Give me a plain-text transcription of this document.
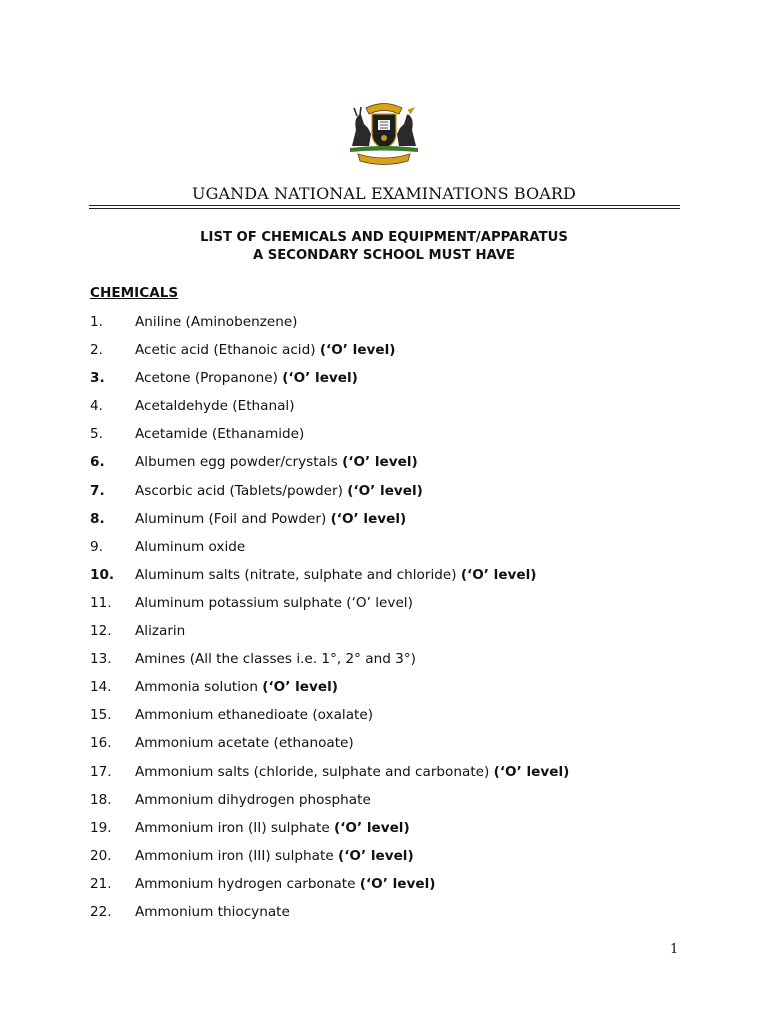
UGANDA NATIONAL EXAMINATIONS BOARD
LIST OF CHEMICALS AND EQUIPMENT/APPARATUS
A SECONDARY SCHOOL MUST HAVE
CHEMICALS
1. Aniline (Aminobenzene)
2. Acetic acid (Ethanoic acid) (‘O’ level)
3. Acetone (Propanone) (‘O’ level)
4. Acetaldehyde (Ethanal)
5. Acetamide (Ethanamide)
6. Albumen egg powder/crystals (‘O’ level)
7. Ascorbic acid (Tablets/powder) (‘O’ level)
8. Aluminum (Foil and Powder) (‘O’ level)
9. Aluminum oxide
10. Aluminum salts (nitrate, sulphate and chloride) (‘O’ level)
11. Aluminum potassium sulphate (‘O’ level)
12. Alizarin
13. Amines (All the classes i.e. 1°, 2° and 3°)
14. Ammonia solution (‘O’ level)
15. Ammonium ethanedioate (oxalate)
16. Ammonium acetate (ethanoate)
17. Ammonium salts (chloride, sulphate and carbonate) (‘O’ level)
18. Ammonium dihydrogen phosphate
19. Ammonium iron (II) sulphate (‘O’ level)
20. Ammonium iron (III) sulphate (‘O’ level)
21. Ammonium hydrogen carbonate (‘O’ level)
22. Ammonium thiocynate
1
